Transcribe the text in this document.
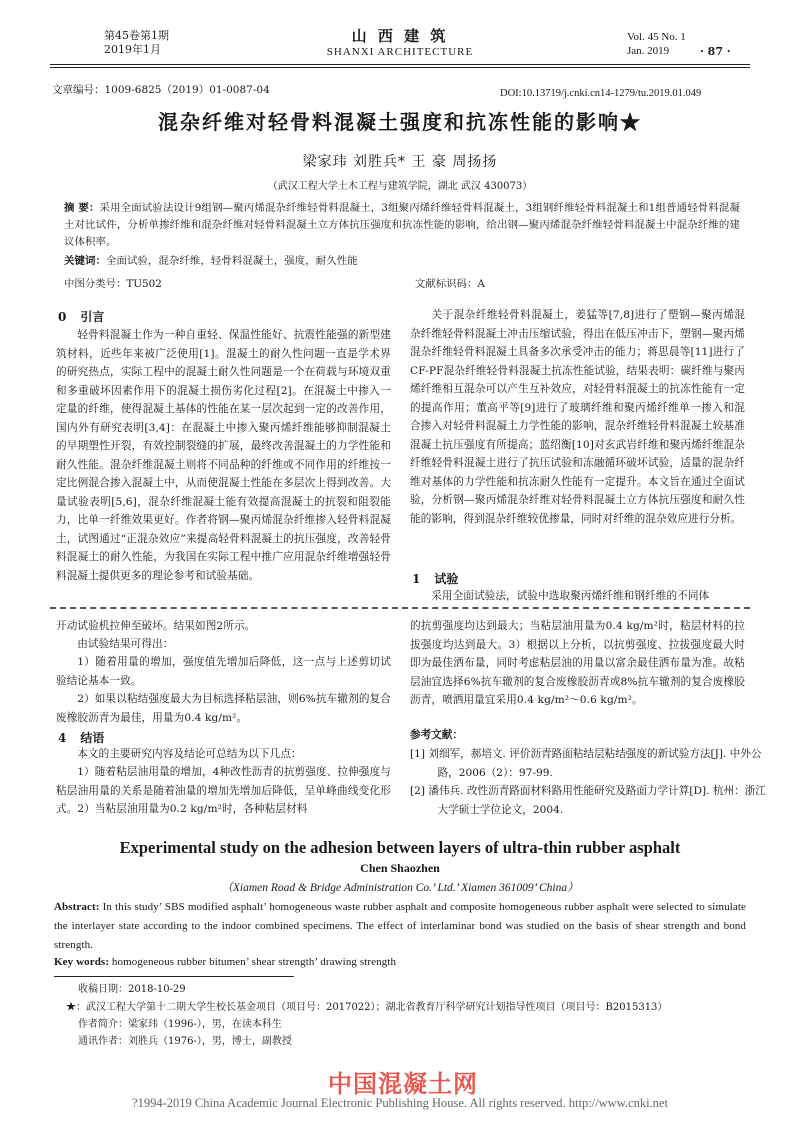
第45卷第1期
2019年1月
山 西 建 筑
SHANXI ARCHITECTURE
Vol. 45 No. 1
Jan. 2019	· 87 ·
文章编号：1009-6825（2019）01-0087-04	DOI:10.13719/j.cnki.cn14-1279/tu.2019.01.049
混杂纤维对轻骨料混凝土强度和抗冻性能的影响★
梁家玮 刘胜兵* 王 豪 周扬扬
（武汉工程大学土木工程与建筑学院，湖北 武汉 430073）
摘 要：采用全面试验法设计9组钢—聚丙烯混杂纤维轻骨料混凝土，3组聚丙烯纤维轻骨料混凝土，3组钢纤维轻骨料混凝土和1组普通轻骨料混凝土对比试件，分析单掺纤维和混杂纤维对轻骨料混凝土立方体抗压强度和抗冻性能的影响，给出钢—聚丙烯混杂纤维轻骨料混凝土中混杂纤维的建议体积率。
关键词：全面试验，混杂纤维，轻骨料混凝土，强度，耐久性能
中图分类号：TU502	文献标识码：A
0 引言
轻骨料混凝土作为一种自重轻、保温性能好、抗震性能强的新型建筑材料，近些年来被广泛使用[1]。混凝土的耐久性问题一直是学术界的研究热点，实际工程中的混凝土耐久性问题是一个在荷载与环境双重和多重破坏因素作用下的混凝土损伤劣化过程[2]。在混凝土中掺入一定量的纤维，使得混凝土基体的性能在某一层次起到一定的改善作用，国内外有研究表明[3,4]：在混凝土中掺入聚丙烯纤维能够抑制混凝土的早期塑性开裂，有效控制裂缝的扩展，最终改善混凝土的力学性能和耐久性能。混杂纤维混凝土则将不同品种的纤维或不同作用的纤维按一定比例混合掺入混凝土中，从而使混凝土性能在多层次上得到改善。大量试验表明[5,6]，混杂纤维混凝土能有效提高混凝土的抗裂和阻裂能力，比单一纤维效果更好。作者将钢—聚丙烯混杂纤维掺入轻骨料混凝土，试图通过“正混杂效应”来提高轻骨料混凝土的抗压强度，改善轻骨料混凝土的耐久性能，为我国在实际工程中推广应用混杂纤维增强轻骨料混凝土提供更多的理论参考和试验基础。
关于混杂纤维轻骨料混凝土，姜猛等[7,8]进行了塑钢—聚丙烯混杂纤维轻骨料混凝土冲击压缩试验，得出在低压冲击下，塑钢—聚丙烯混杂纤维轻骨料混凝土具备多次承受冲击的能力；蒋思晨等[11]进行了CF-PF混杂纤维轻骨料混凝土抗冻性能试验，结果表明：碳纤维与聚丙烯纤维相互混杂可以产生互补效应，对轻骨料混凝土的抗冻性能有一定的提高作用；董高平等[9]进行了玻璃纤维和聚丙烯纤维单一掺入和混合掺入对轻骨料混凝土力学性能的影响，混杂纤维轻骨料混凝土较基准混凝土抗压强度有所提高；蓝绍衡[10]对玄武岩纤维和聚丙烯纤维混杂纤维轻骨料混凝土进行了抗压试验和冻融循环破坏试验，适量的混杂纤维对基体的力学性能和抗冻耐久性能有一定提升。本文旨在通过全面试验，分析钢—聚丙烯混杂纤维对轻骨料混凝土立方体抗压强度和耐久性能的影响，得到混杂纤维较优掺量，同时对纤维的混杂效应进行分析。
1 试验
采用全面试验法，试验中选取聚丙烯纤维和钢纤维的不同体
开动试验机拉伸至破坏。结果如图2所示。
由试验结果可得出：
1）随着用量的增加，强度值先增加后降低，这一点与上述剪切试验结论基本一致。
2）如果以粘结强度最大为目标选择粘层油，则6%抗车辙剂的复合废橡胶沥青为最佳，用量为0.4 kg/m²。
4 结语
本文的主要研究内容及结论可总结为以下几点：
1）随着粘层油用量的增加，4种改性沥青的抗剪强度、拉伸强度与粘层油用量的关系是随着油量的增加先增加后降低，呈单峰曲线变化形式。2）当粘层油用量为0.2 kg/m²时，各种粘层材料
的抗剪强度均达到最大；当粘层油用量为0.4 kg/m²时，粘层材料的拉拔强度均达到最大。3）根据以上分析，以抗剪强度、拉拔强度最大时即为最佳洒布量，同时考虑粘层油的用量以富余最佳洒布量为准。故粘层油宜选择6%抗车辙剂的复合废橡胶沥青或8%抗车辙剂的复合废橡胶沥青，喷洒用量宜采用0.4 kg/m²～0.6 kg/m²。
参考文献：
[1] 刘细军，郝培文. 评价沥青路面粘结层粘结强度的新试验方法[J]. 中外公路，2006（2）：97-99.
[2] 潘伟兵. 改性沥青路面材料路用性能研究及路面力学计算[D]. 杭州：浙江大学硕士学位论文，2004.
Experimental study on the adhesion between layers of ultra-thin rubber asphalt
Chen Shaozhen
（Xiamen Road & Bridge Administration Co.’ Ltd.’ Xiamen 361009’ China）
Abstract: In this study’ SBS modified asphalt’ homogeneous waste rubber asphalt and composite homogeneous rubber asphalt were selected to simulate the interlayer state according to the indoor combined specimens. The effect of interlaminar bond was studied on the basis of shear strength and bond strength.
Key words: homogeneous rubber bitumen’ shear strength’ drawing strength
收稿日期：2018-10-29
★：武汉工程大学第十二期大学生校长基金项目（项目号：2017022）；湖北省教育厅科学研究计划指导性项目（项目号：B2015313）
作者简介：梁家玮（1996-），男，在读本科生
通讯作者：刘胜兵（1976-），男，博士，副教授
中国混凝土网
?1994-2019 China Academic Journal Electronic Publishing House. All rights reserved. http://www.cnki.net
